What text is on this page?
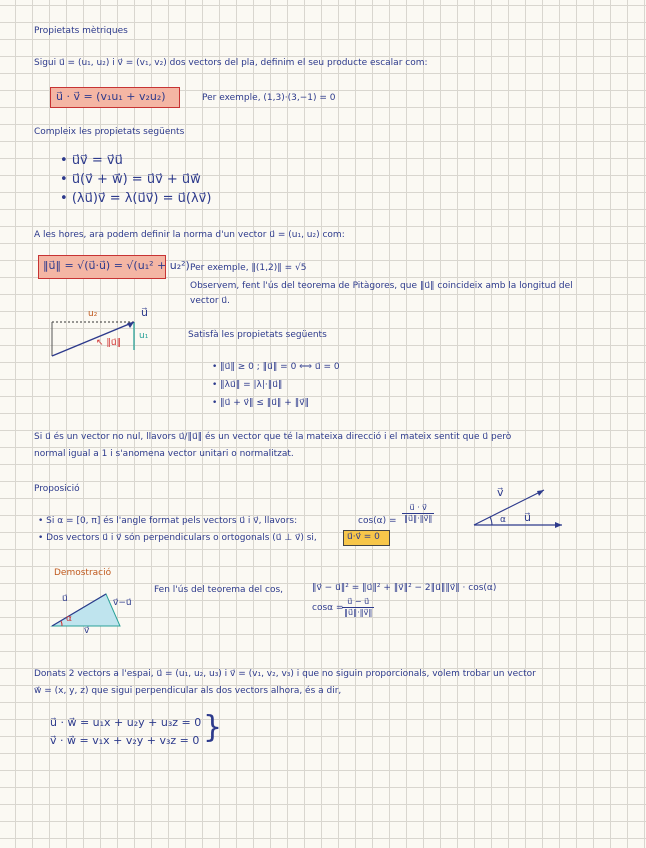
Propietats mètriques
Sigui u⃗ = (u₁, u₂) i v⃗ = (v₁, v₂) dos vectors del pla, definim el seu producte escalar com:
u⃗ · v⃗ = (v₁u₁ + v₂u₂)	Per exemple, (1,3)·(3,−1) = 0
Compleix les propietats següents
• u⃗v⃗ = v⃗u⃗
• u⃗(v⃗ + w⃗) = u⃗v⃗ + u⃗w⃗
• (λu⃗)v⃗ = λ(u⃗v⃗) = u⃗(λv⃗)
A les hores, ara podem definir la norma d'un vector u⃗ = (u₁, u₂) com:
‖u⃗‖ = √(u⃗·u⃗) = √(u₁² + u₂²) Per exemple, ‖(1,2)‖ = √5
Observem, fent l'ús del teorema de Pitàgores, que ‖u⃗‖ coincideix amb la longitud del
vector u⃗.
u₂	u⃗
u₁
↖ ‖u⃗‖
Satisfà les propietats següents
• ‖u⃗‖ ≥ 0 ; ‖u⃗‖ = 0 ⟺ u⃗ = 0
• ‖λu⃗‖ = |λ|·‖u⃗‖
• ‖u⃗ + v⃗‖ ≤ ‖u⃗‖ + ‖v⃗‖
Si u⃗ és un vector no nul, llavors u⃗/‖u⃗‖ és un vector que té la mateixa direcció i el mateix sentit que u⃗ però
normal igual a 1 i s'anomena vector unitari o normalitzat.
Proposició
• Si α = [0, π] és l'angle format pels vectors u⃗ i v⃗, llavors:	$\cos(\alpha) = \frac{u⃗ \cdot v⃗}{‖u⃗‖\cdot‖v⃗‖}$
• Dos vectors u⃗ i v⃗ són perpendiculars o ortogonals (u⃗ ⊥ v⃗) si,	u⃗·v⃗ = 0
v⃗
α u⃗
Demostració
u⃗	v⃗−u⃗
α
v⃗
Fen l'ús del teorema del cos,	‖v⃗ − u⃗‖² = ‖u⃗‖² + ‖v⃗‖² − 2‖u⃗‖‖v⃗‖ · cos(α)
cosα =
$\frac{u⃗ - u⃗}{‖u⃗‖\cdot‖v⃗‖}$
Donats 2 vectors a l'espai, u⃗ = (u₁, u₂, u₃) i v⃗ = (v₁, v₂, v₃) i que no siguin proporcionals, volem trobar un vector
w⃗ = (x, y, z) que sigui perpendicular als dos vectors alhora, és a dir,
u⃗ · w⃗ = u₁x + u₂y + u₃z = 0
v⃗ · w⃗ = v₁x + v₂y + v₃z = 0 }
